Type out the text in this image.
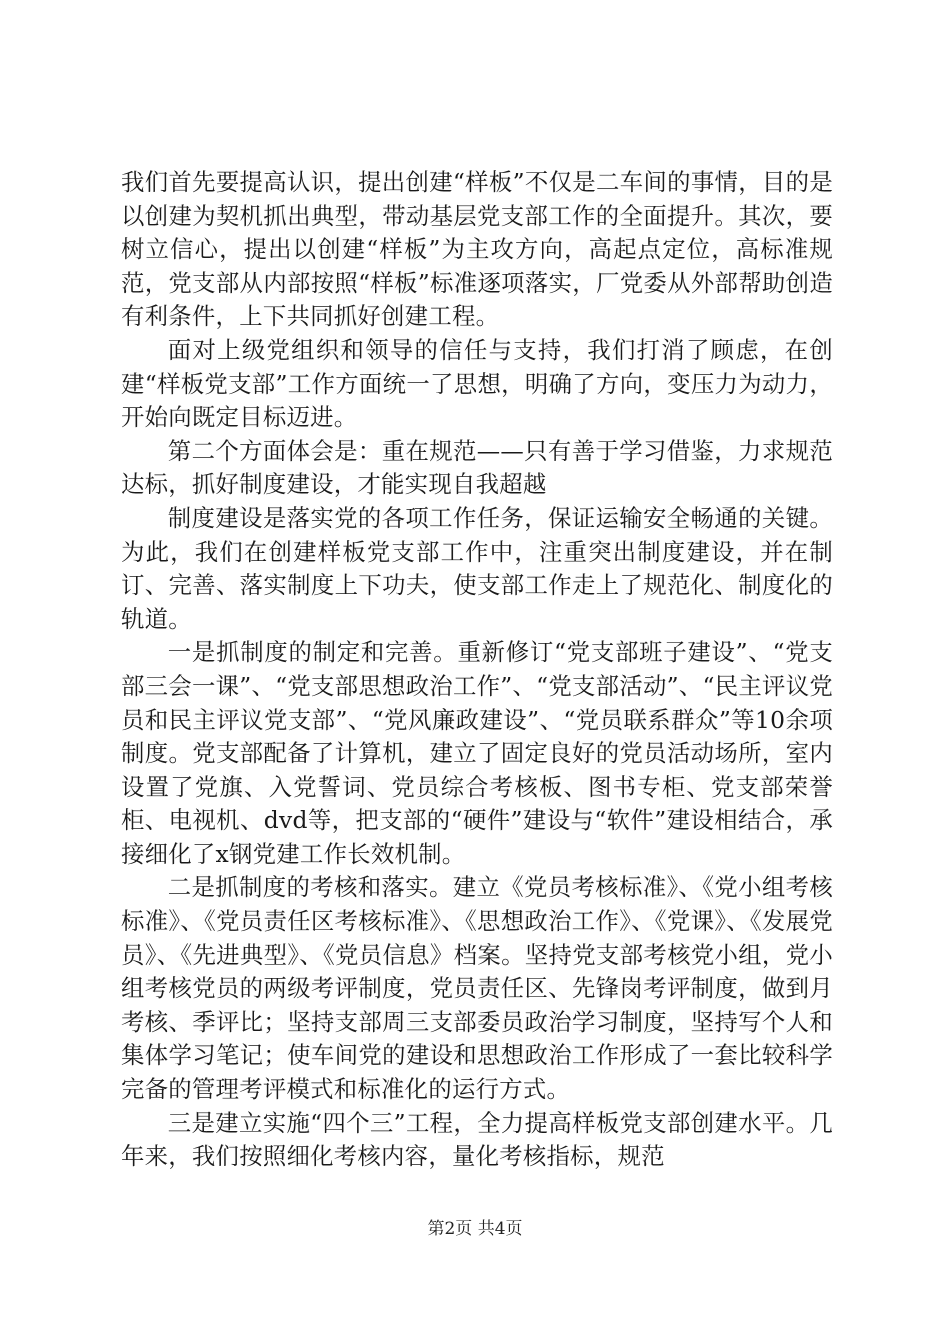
我们首先要提高认识，提出创建“样板”不仅是二车间的事情，目的是以创建为契机抓出典型，带动基层党支部工作的全面提升。其次，要树立信心，提出以创建“样板”为主攻方向，高起点定位，高标准规范，党支部从内部按照“样板”标准逐项落实，厂党委从外部帮助创造有利条件，上下共同抓好创建工程。

面对上级党组织和领导的信任与支持，我们打消了顾虑，在创建“样板党支部”工作方面统一了思想，明确了方向，变压力为动力，开始向既定目标迈进。

第二个方面体会是：重在规范——只有善于学习借鉴，力求规范达标，抓好制度建设，才能实现自我超越

制度建设是落实党的各项工作任务，保证运输安全畅通的关键。为此，我们在创建样板党支部工作中，注重突出制度建设，并在制订、完善、落实制度上下功夫，使支部工作走上了规范化、制度化的轨道。

一是抓制度的制定和完善。重新修订“党支部班子建设”、“党支部三会一课”、“党支部思想政治工作”、“党支部活动”、“民主评议党员和民主评议党支部”、“党风廉政建设”、“党员联系群众”等10余项制度。党支部配备了计算机，建立了固定良好的党员活动场所，室内设置了党旗、入党誓词、党员综合考核板、图书专柜、党支部荣誉柜、电视机、dvd等，把支部的“硬件”建设与“软件”建设相结合，承接细化了x钢党建工作长效机制。

二是抓制度的考核和落实。建立《党员考核标准》、《党小组考核标准》、《党员责任区考核标准》、《思想政治工作》、《党课》、《发展党员》、《先进典型》、《党员信息》档案。坚持党支部考核党小组，党小组考核党员的两级考评制度，党员责任区、先锋岗考评制度，做到月考核、季评比；坚持支部周三支部委员政治学习制度，坚持写个人和集体学习笔记；使车间党的建设和思想政治工作形成了一套比较科学完备的管理考评模式和标准化的运行方式。

三是建立实施“四个三”工程，全力提高样板党支部创建水平。几年来，我们按照细化考核内容，量化考核指标，规范

第2页 共4页
